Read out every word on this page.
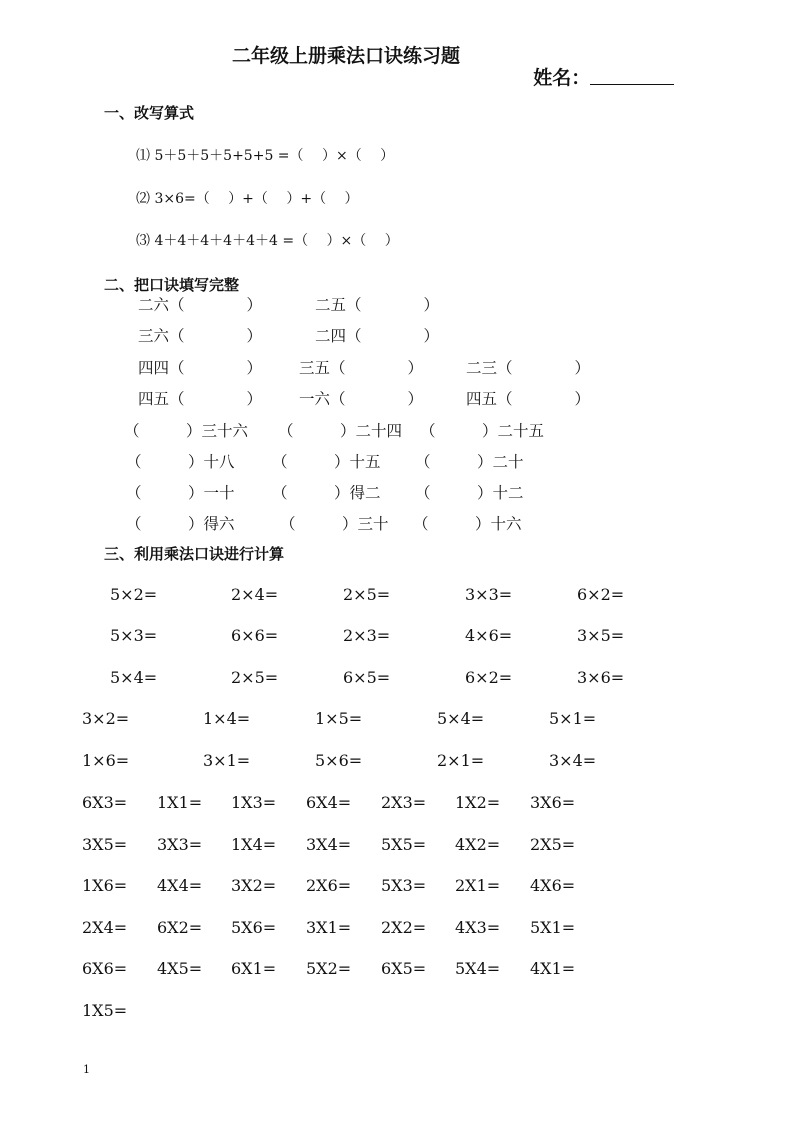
二年级上册乘法口诀练习题

姓名：

一、改写算式
⑴ 5＋5＋5＋5+5+5 =（　 ）×（　 ）
⑵ 3×6=（　 ）+（　 ）+（　 ）
⑶ 4＋4＋4＋4＋4＋4 =（　 ）×（　 ）
二、把口诀填写完整
二六（　　　　）	二五（　　　　）
三六（　　　　）	二四（　　　　）
四四（　　　　） 三五（　　　　）	二三（　　　　）
四五（　　　　） 一六（　　　　）	四五（　　　　）
（　　　）三十六 （　　　）二十四 （　　　）二十五
（　　　）十八 （　　　）十五 （　　　）二十
（　　　）一十 （　　　）得二 （　　　）十二
（　　　）得六	（　　　）三十 （　　　）十六
三、利用乘法口诀进行计算
5×2=	2×4=	2×5=	3×3=	6×2=
5×3=	6×6=	2×3=	4×6=	3×5=
5×4=	2×5=	6×5=	6×2=	3×6=
3×2=	1×4=	1×5=	5×4=	5×1=
1×6=	3×1=	5×6=	2×1=	3×4=
6X3= 1X1= 1X3= 6X4= 2X3= 1X2= 3X6=
3X5= 3X3= 1X4= 3X4= 5X5= 4X2= 2X5=
1X6= 4X4= 3X2= 2X6= 5X3= 2X1= 4X6=
2X4= 6X2= 5X6= 3X1= 2X2= 4X3= 5X1=
6X6= 4X5= 6X1= 5X2= 6X5= 5X4= 4X1=
1X5=
1
